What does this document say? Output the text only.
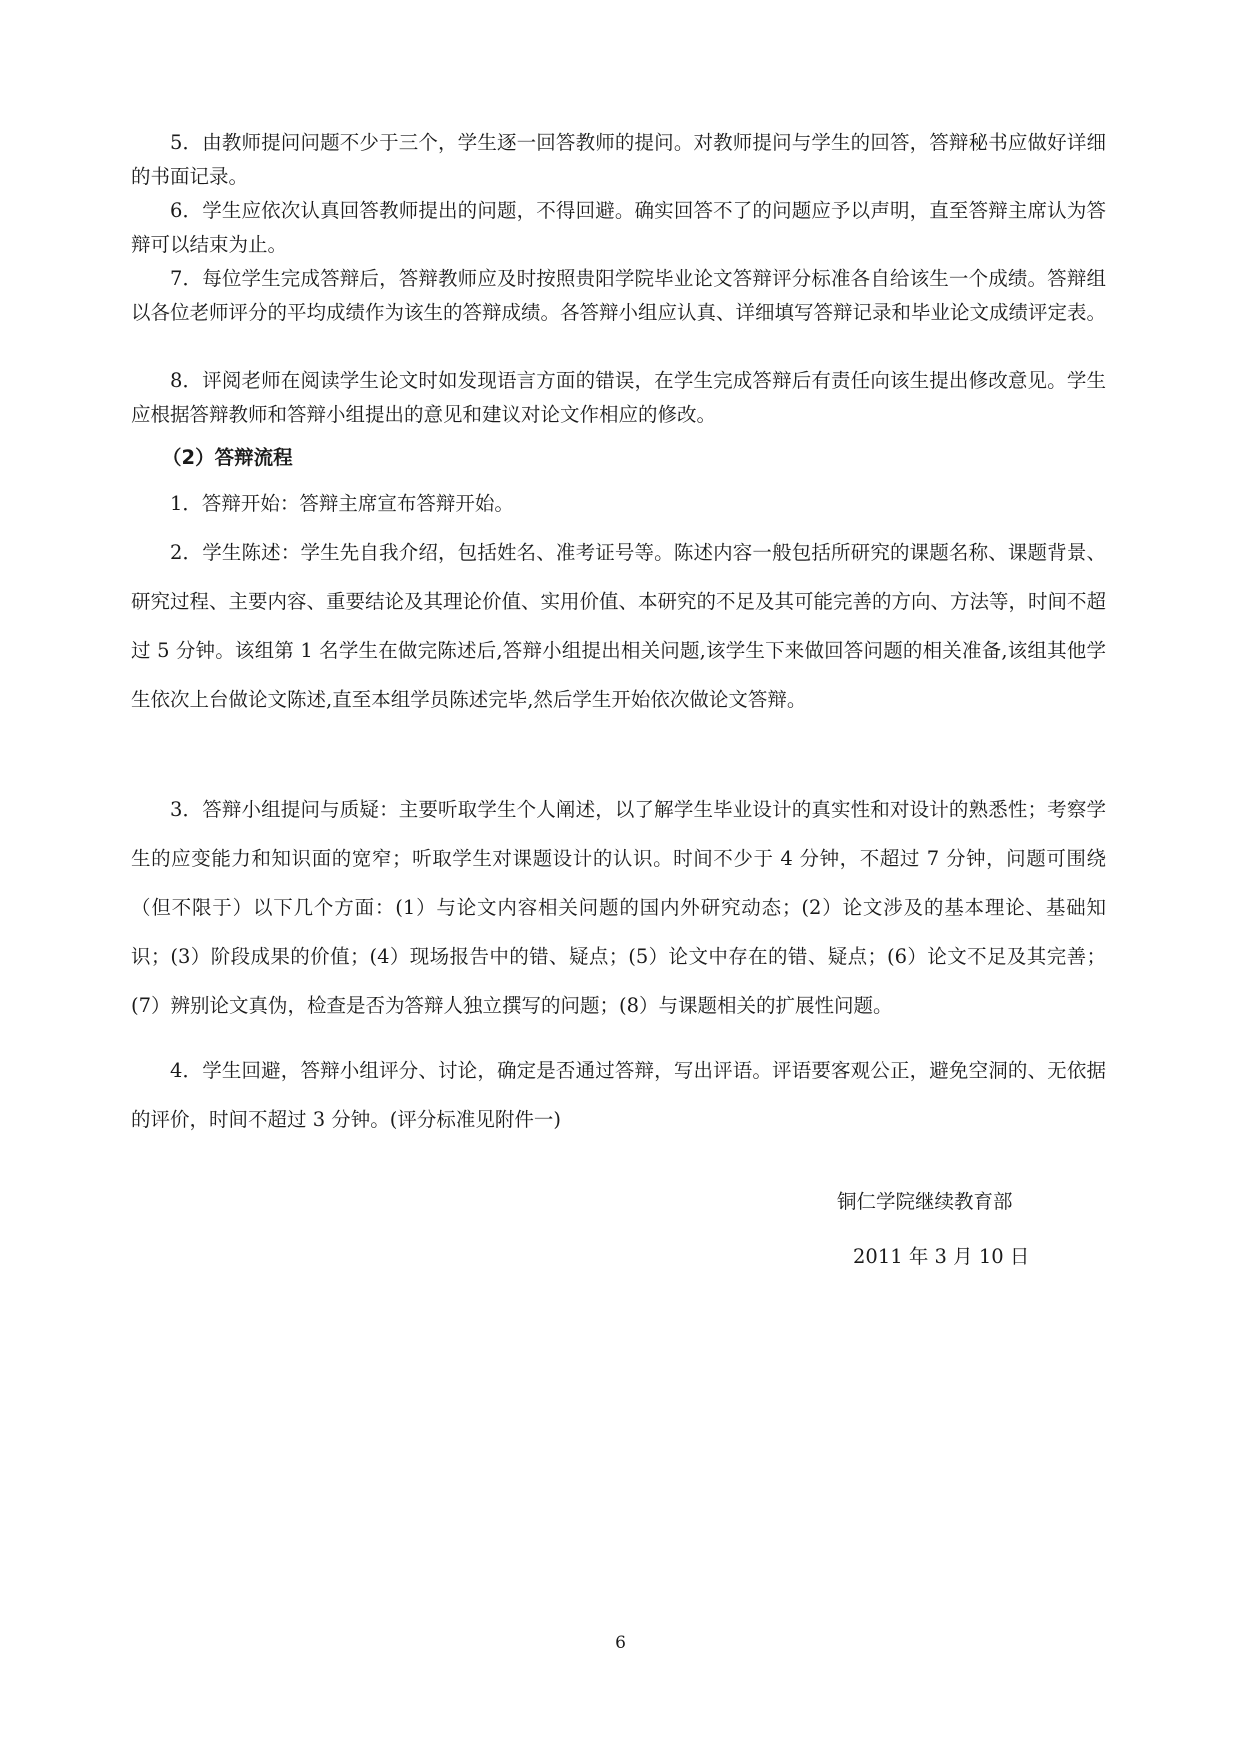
5．由教师提问问题不少于三个，学生逐一回答教师的提问。对教师提问与学生的回答，答辩秘书应做好详细的书面记录。

6．学生应依次认真回答教师提出的问题，不得回避。确实回答不了的问题应予以声明，直至答辩主席认为答辩可以结束为止。

7．每位学生完成答辩后，答辩教师应及时按照贵阳学院毕业论文答辩评分标准各自给该生一个成绩。答辩组以各位老师评分的平均成绩作为该生的答辩成绩。各答辩小组应认真、详细填写答辩记录和毕业论文成绩评定表。

8．评阅老师在阅读学生论文时如发现语言方面的错误，在学生完成答辩后有责任向该生提出修改意见。学生应根据答辩教师和答辩小组提出的意见和建议对论文作相应的修改。

（2）答辩流程

1．答辩开始：答辩主席宣布答辩开始。

2．学生陈述：学生先自我介绍，包括姓名、准考证号等。陈述内容一般包括所研究的课题名称、课题背景、研究过程、主要内容、重要结论及其理论价值、实用价值、本研究的不足及其可能完善的方向、方法等，时间不超过 5 分钟。该组第 1 名学生在做完陈述后,答辩小组提出相关问题,该学生下来做回答问题的相关准备,该组其他学生依次上台做论文陈述,直至本组学员陈述完毕,然后学生开始依次做论文答辩。

3．答辩小组提问与质疑：主要听取学生个人阐述，以了解学生毕业设计的真实性和对设计的熟悉性；考察学生的应变能力和知识面的宽窄；听取学生对课题设计的认识。时间不少于 4 分钟，不超过 7 分钟，问题可围绕（但不限于）以下几个方面：(1）与论文内容相关问题的国内外研究动态；(2）论文涉及的基本理论、基础知识；(3）阶段成果的价值；(4）现场报告中的错、疑点；(5）论文中存在的错、疑点；(6）论文不足及其完善；(7）辨别论文真伪，检查是否为答辩人独立撰写的问题；(8）与课题相关的扩展性问题。

4．学生回避，答辩小组评分、讨论，确定是否通过答辩，写出评语。评语要客观公正，避免空洞的、无依据的评价，时间不超过 3 分钟。(评分标准见附件一)

铜仁学院继续教育部

2011 年 3 月 10 日

6
